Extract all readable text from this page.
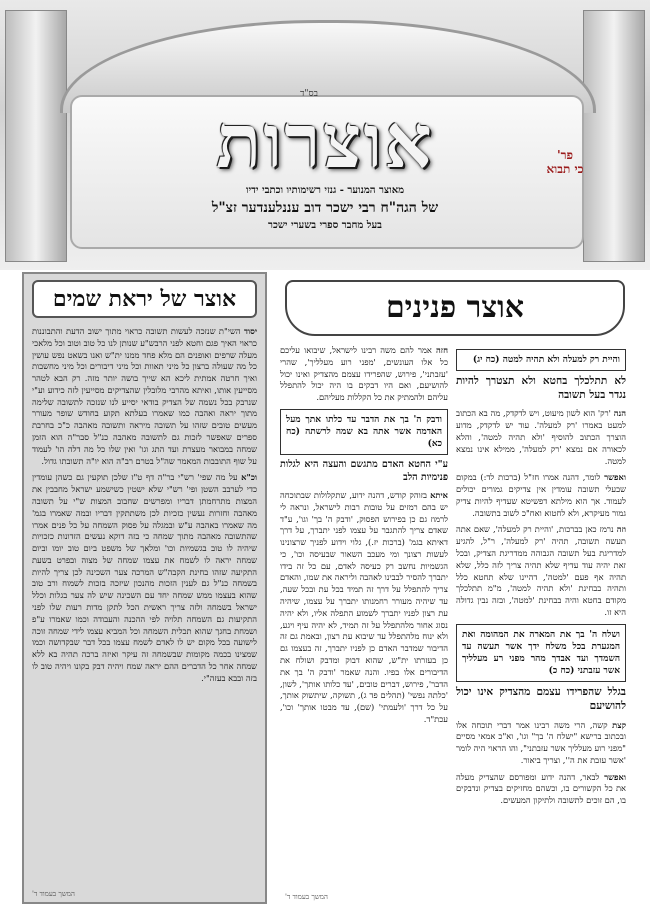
בס"ד
אוצרות	פר'
כי תבוא
מאוצר המנוער - גנזי רשימותיו וכתבי ידיו
של הגה"ח רבי ישכר דוב עננלענדער זצ"ל
בעל מחבר ספרי בשערי ישכר
אוצר של יראת שמים

יסוד השי"ת שנזכה לעשות תשובה כראוי מתוך ישוב הדעת והתבוננות כראוי האיך פגם וחטא לפני הרבש"ע שנותן לנו כל טוב וטוב וכל מלאכי מעלה שרפים ואופנים הם מלא פחד ממנו ית"ש ואנו בשאט נפש עושין כל מה שעולה ברצון כל מיני תאוות וכל מיני דיבורים וכל מיני מחשבות ואיך חרטה אמתית ליכא הא שייך בושה יותר מזה. רק הבא לטהר מסייעין אותו, ואיתא מהרבי מלובלין שהצדיקים מסייעין לזה כידוע וע"י שנרבק בכל נשמה של הצדיק בודאי יסייע לנו שנזכה לתשובה שלימה מתוך יראה ואהבה כמו שאמרו בעלתא תקוע בחודש שופר מעורר מעשים טובים שזהו על תשובה מיראה ותשובה מאהבה כ"כ בחרבת ספרים שאפשר לזכות גם לתשובה מאהבה כנ"ל סבר"ה הוא הזמן שמחה במבואר מעצרת ועד התג וגו' ואין שלו כל מה דלה הו' לעמוד על שוף התובבות המאמר שה"ל בטרם רב"ה הוא יו"ה תשובתו גדול.

וכ"א על מה שפי' רש"י בר"ה דף ט"ז שלכן תוקעין גם כשהן עומדין כדי לערבב השטן ופי' רש"י שלא ישטין כשישמע ישראל מחבבין את המצות מתרחמתן דבריו ומפרשים שחבוב המצות ש"י על תשובה מאהבה וחזרות נעשין כזכיות לכן משתתקין דבריו ובמה שאמרו בגמ' מה שאמרו באהבה ע"ש ובמגלה על פסוק השמחה על כל פנים אמרו שהתשובה מאהבה מתוך שמחה כי בזה דוקא נעשים הזדונות כזכויות שיהיה לו טוב בגשמיות וכו' ומלאך של משפט ביום טוב יומו וביום שמחה יראה לו לשמח את עצמו שמחה של מצוה ובפרט בשעת התקיעה שזהו בחינת הקבה"ש המרכה צער השכינה לכן צריך להיות בשמחה כנ"ל גם לענין הזכות מהנכון שיזכה בזכות לשמוח ורב טוב שהוא בעצמו ממש שמחה יחד עם השכינה שיש לה צער בגלות וכלל ישראל בשמחה ולזה צריך ראשית הכל לתקן מדות רעות שלו לפני התקיעות גם השמחה תלויה לפי ההכנה והעבודה וכמו שאמרו ע"פ ושמחת בחגך שהוא תכלית השמחה וכל המביא עצמו לידי שמחה זוכה לישועה בכל מקום יש לו לאדם לשמח עצמו בכל דבר שבקדושה וכמו שמצינו בכמה מקומות שבשמחה זה עיקר ואיזה ברכה תהיה בא ללא שמחה אחר כל הדברים ההם יראה שמח ויהיה דבק בקונו ויהיה טוב לו בזה ובבא בעזה"י.

המשך בעמוד ד'
אוצר פנינים
והיית רק למעלה ולא תהיה למטה (כח יג)
לא תתלכלך בחטא ולא תצטרך להיות נגדר בעל תשובה

הנה 'רק' הוא לשון מיעוט, ויש לדקדק, מה בא הכתוב למעט באמרו 'רק למעלה'. עוד יש לדקדק, מדוע הוצרך הכתוב להוסיף 'ולא תהיה למטה', והלא לכאורה אם נמצא 'רק למעלה', ממילא אינו נמצא למטה.

ואפשר לומר, דהנה אמרו חז"ל (ברכות לד:) במקום שבעלי תשובה עומדין אין צדיקים גמורים יכולים לעמוד. אך הוא מילתא דפשיטא שעדיף להיות צדיק גמור מעיקרא, ולא לחטוא ואח"כ לשוב בתשובה.

וזה נרמז כאן בברכות, 'והיית רק למעלה', שאם אתה תעשה תשובה, תהיה 'רק למעלה', ר"ל, להגיע למדריגת בעל תשובה הגבוהה ממדריגת הצדיק, ובכל זאת יהיה עוד עדיף שלא תהיה צריך לזה כלל, שלא תהיה אף פעם 'למטה', דהיינו שלא תחטא כלל ותהיה בבחינת 'ולא תהיה למטה', מ"מ תתלכלך מקודם בחטא והיה בבחינת 'למטה', ובזה נבין גדולה היא זו.

ושלח ה' בך את המארה את המהומה ואת המגערת בכל משלח ידך אשר תעשה עד השמדך ועד אבדך מהר מפני רע מעלליך אשר עזבתני (כח כ)
בגלל שהפרידו עצמם מהצדיק אינו יכול להושיעם

קצת קשה, הרי משה רבינו אמר דברי תוכחה אלו ובכתוב ברישא "ישלח ה' בך" וגו', וא"כ אמאי מסיים "מפני רוע מעלליך אשר עזבתני", והו הראוי היה לומר 'אשר עזבת את ה'', וצריך ביאור.

ואפשר לבאר, דהנה ידוע ומפורסם שהצדיק מעלה את כל הקשורים בו, וכשהם מחזיקים בצדיק ונדבקים בו, הם זוכים לתשובה ולתיקון המעשים.

חזה אמר להם משה רבינו לישראל, שיבואו עליכם כל אלו העונשים, 'מפני רוע מעלליך', שהרי 'עזבתני', פירוש, שהפרידו עצמם מהצדיק ואינו יכול להושיעם, ואם היו דבקים בו היה יכול להתפלל עליהם ולהמתיק את כל הקללות מעליהם.

ודבק ה' בך את הדבר עד כלתו אתך מעל האדמה אשר אתה בא שמה לרשתה (כח כא)
ע"י החטא האדם מתגשם והעצה היא לגלות פנימיות הלב

איתא בזוהק קודש, דהנה ידוע, שתקלולות שבתוכחה יש בהם רמזים על טובות רבות לישראל, ונראה לי לרמוז גם כן בפירוש הפסוק, 'ודבק ה' בך' וגו', ע"ד שאדם צריך להתגבר על עצמו לפני יתברך, על דרך דאיתא בגמ' (ברכות יז.), גלוי וידוע לפניך שרצונינו לעשות רצונך ומי מעכב השאור שבעיסה וכו', כי הגשמיות נחשב רק כעיסה לאדם, עם כל זה בידו יתברך להסיר לבבינו לאהבה וליראה את שמו, והאדם צריך להתפלל על דרך זה תמיד בכל עת ובכל שעה, עד שיהיה מעורר רחמנותו יתברך על עצמו, שיהיה עת רצון לפניו יתברך לשמוע התפלה אליו, ולא יהיה נסוג אחור מלהתפלל על זה תמיד, לא יהיה עיף ויגע, ולא ינוח מלהתפלל עד שיבוא עת רצון, ובאמת גם זה הדיבור שמדבר האדם כן לפניו יתברך, זה בעצמו גם כן בעזרתו ית"ש, שהוא דבוק ומדבק ושולח את הדיבורים אלו בפיו. והנה שאמר 'ודבק ה' בך את הדבר', פירוש, דברים טובים, 'עד כלותו אותך', לשון, 'כלתה נפשי' (תהלים פד ג), תשוקה, שיתשוק אותך, על כל דרך 'ולעמתי' (שם), עד מבטו אותך' וכו', עכת"ד.

המשך בעמוד ד'
